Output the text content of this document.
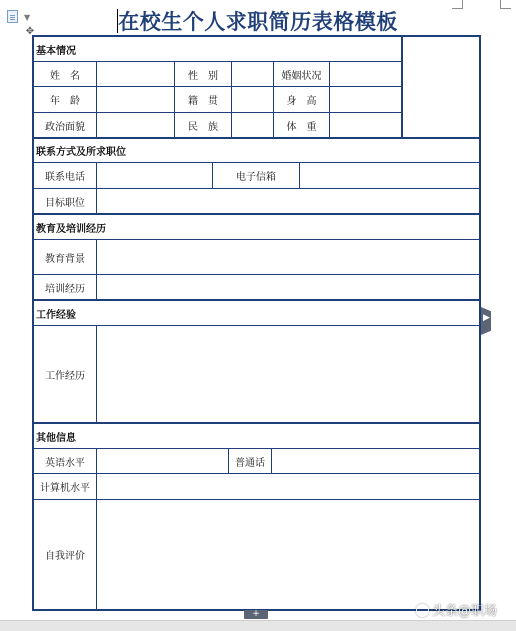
▼	在校生个人求职简历表格模板
基本情况
联系方式及所求职位
教育及培训经历
工作经验
其他信息
姓　名	性　别	婚姻状况
年　龄	籍　贯	身　高
政治面貌	民　族	体　重
联系电话	电子信箱
目标职位
教育背景
培训经历
工作经历
英语水平	普通话
计算机水平
自我评价
✥
▶
+	头条@职场
